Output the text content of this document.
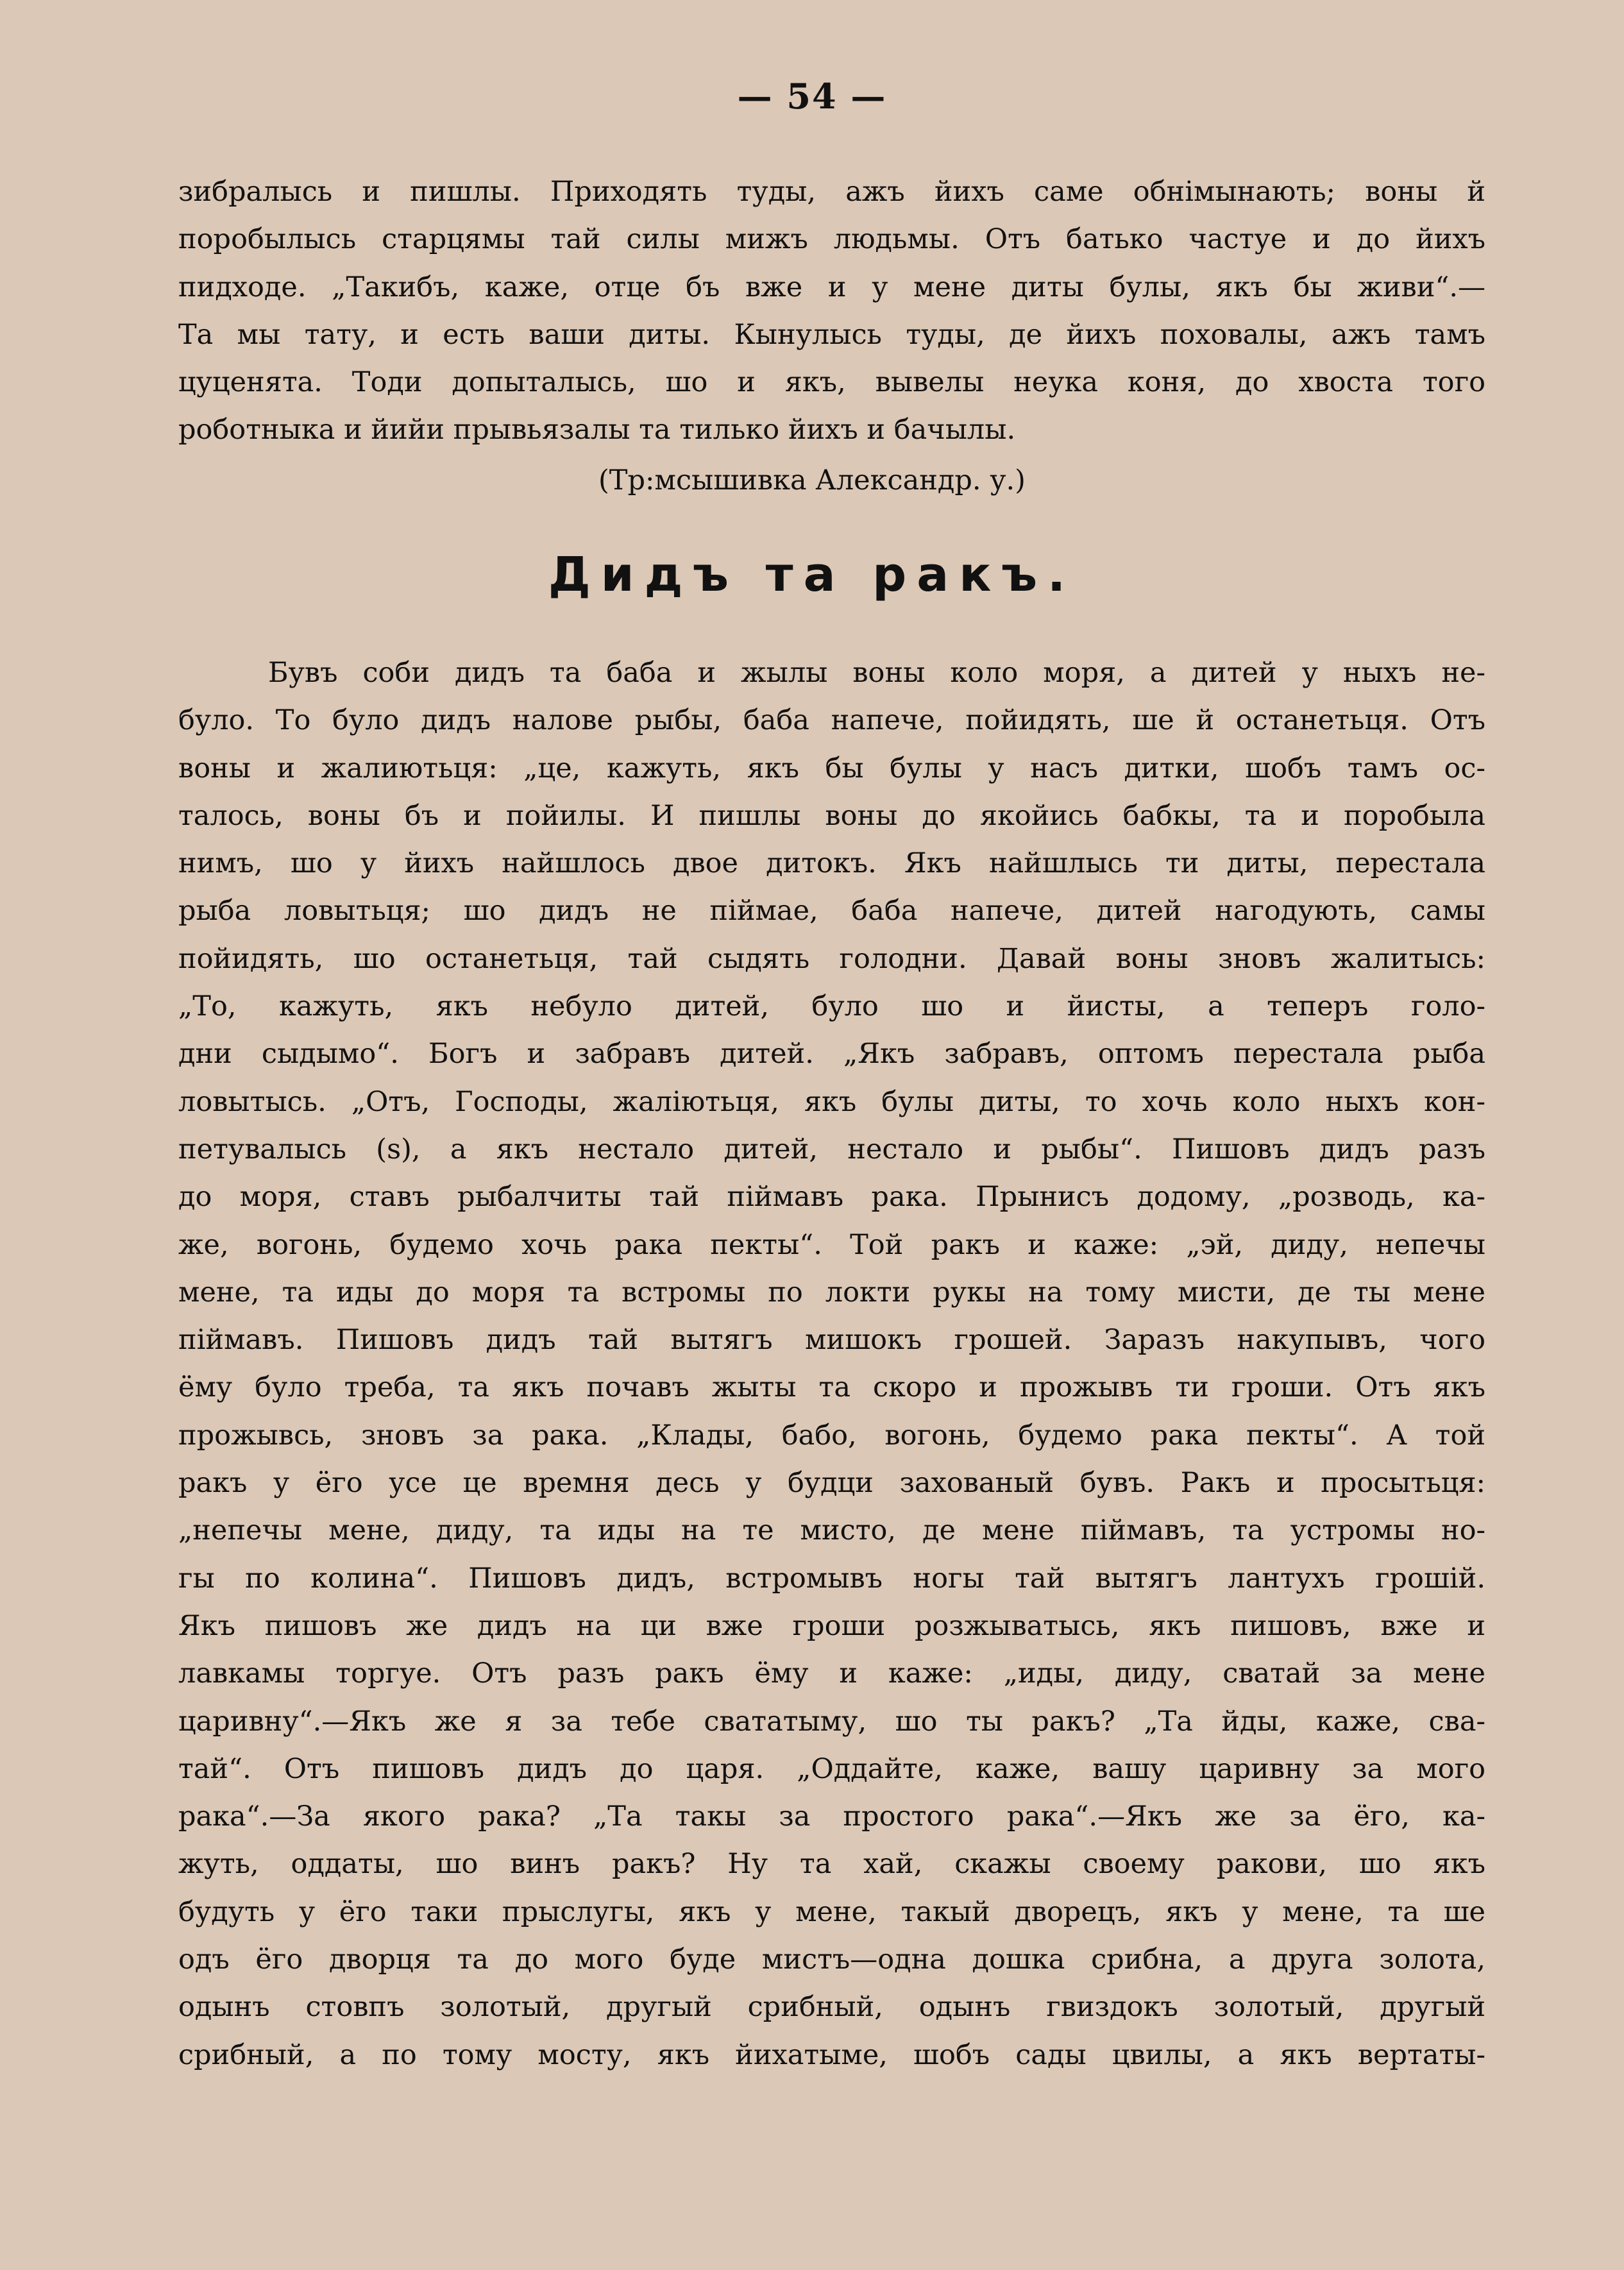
— 54 —
зибралысь и пишлы. Приходять туды, ажъ йихъ саме обнімынають; воны й
поробылысь старцямы тай силы мижъ людьмы. Отъ батько частуе и до йихъ
пидходе. „Такибъ, каже, отце бъ вже и у мене диты булы, якъ бы живи“.—
Та мы тату, и есть ваши диты. Кынулысь туды, де йихъ поховалы, ажъ тамъ
цуценята. Тоди допыталысь, шо и якъ, вывелы неука коня, до хвоста того
роботныка и йийи прывьязалы та тилько йихъ и бачылы.
(Тр:мсышивка Александр. у.)
Дидъ та ракъ.
Бувъ соби дидъ та баба и жылы воны коло моря, а дитей у ныхъ не-
було. То було дидъ налове рыбы, баба напече, пойидять, ше й останетьця. Отъ
воны и жалиютьця: „це, кажуть, якъ бы булы у насъ дитки, шобъ тамъ ос-
талось, воны бъ и пойилы. И пишлы воны до якойись бабкы, та и поробыла
нимъ, шо у йихъ найшлось двое дитокъ. Якъ найшлысь ти диты, перестала
рыба ловытьця; шо дидъ не піймае, баба напече, дитей нагодують, самы
пойидять, шо останетьця, тай сыдять голодни. Давай воны зновъ жалитысь:
„То, кажуть, якъ небуло дитей, було шо и йисты, а теперъ голо-
дни сыдымо“. Богъ и забравъ дитей. „Якъ забравъ, оптомъ перестала рыба
ловытысь. „Отъ, Господы, жаліютьця, якъ булы диты, то хочь коло ныхъ кон-
петувалысь (s), а якъ нестало дитей, нестало и рыбы“. Пишовъ дидъ разъ
до моря, ставъ рыбалчиты тай піймавъ рака. Прынисъ додому, „розводь, ка-
же, вогонь, будемо хочь рака пекты“. Той ракъ и каже: „эй, диду, непечы
мене, та иды до моря та встромы по локти рукы на тому мисти, де ты мене
піймавъ. Пишовъ дидъ тай вытягъ мишокъ грошей. Заразъ накупывъ, чого
ёму було треба, та якъ почавъ жыты та скоро и прожывъ ти гроши. Отъ якъ
прожывсь, зновъ за рака. „Клады, бабо, вогонь, будемо рака пекты“. А той
ракъ у ёго усе це времня десь у будци захованый бувъ. Ракъ и просытьця:
„непечы мене, диду, та иды на те мисто, де мене піймавъ, та устромы но-
гы по колина“. Пишовъ дидъ, встромывъ ногы тай вытягъ лантухъ грошій.
Якъ пишовъ же дидъ на ци вже гроши розжыватысь, якъ пишовъ, вже и
лавкамы торгуе. Отъ разъ ракъ ёму и каже: „иды, диду, сватай за мене
царивну“.—Якъ же я за тебе свататыму, шо ты ракъ? „Та йды, каже, сва-
тай“. Отъ пишовъ дидъ до царя. „Оддайте, каже, вашу царивну за мого
рака“.—За якого рака? „Та такы за простого рака“.—Якъ же за ёго, ка-
жуть, оддаты, шо винъ ракъ? Ну та хай, скажы своему ракови, шо якъ
будуть у ёго таки прыслугы, якъ у мене, такый дворецъ, якъ у мене, та ше
одъ ёго дворця та до мого буде мистъ—одна дошка срибна, а друга золота,
одынъ стовпъ золотый, другый срибный, одынъ гвиздокъ золотый, другый
срибный, а по тому мосту, якъ йихатыме, шобъ сады цвилы, а якъ вертаты-
